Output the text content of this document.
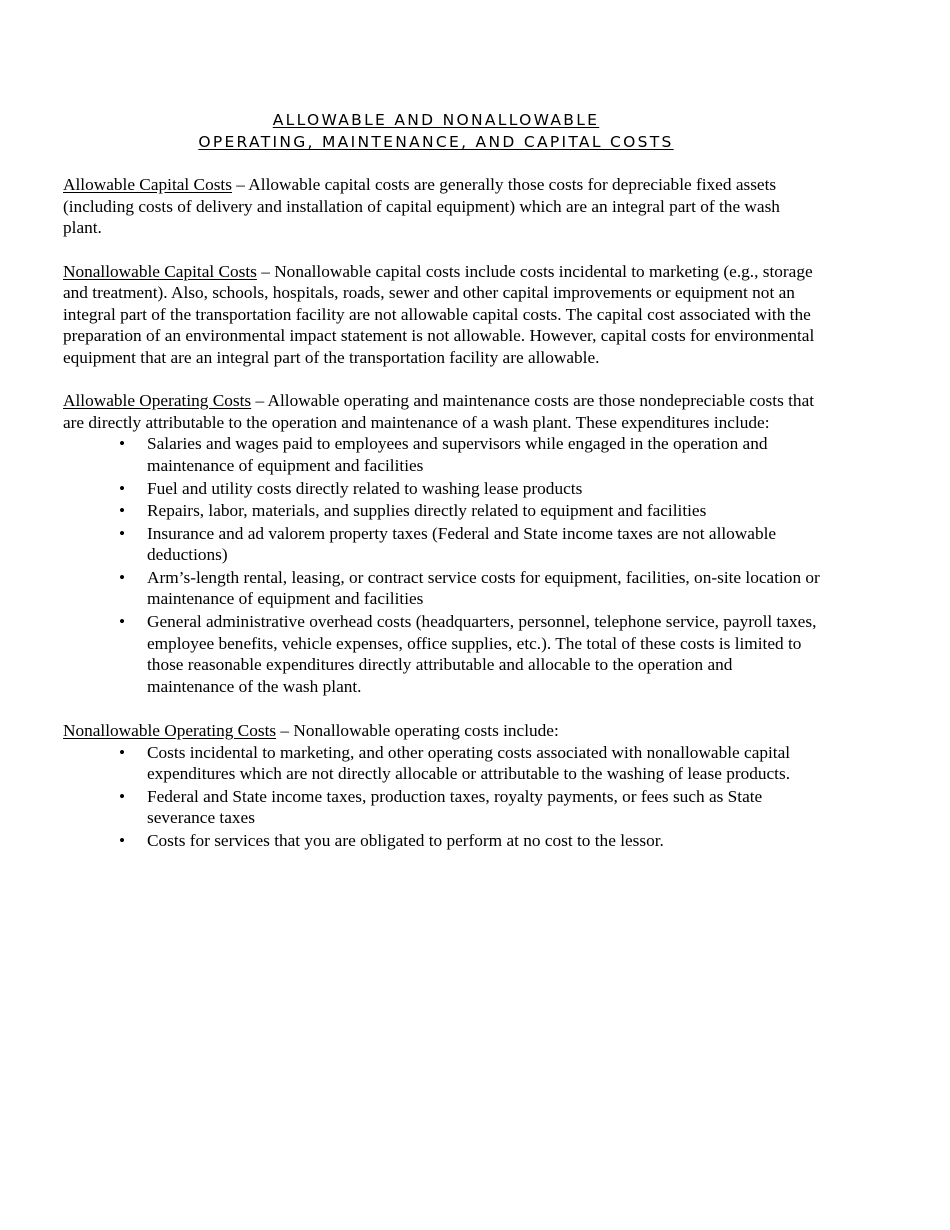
ALLOWABLE AND NONALLOWABLE
OPERATING, MAINTENANCE, AND CAPITAL COSTS

Allowable Capital Costs – Allowable capital costs are generally those costs for depreciable fixed assets (including costs of delivery and installation of capital equipment) which are an integral part of the wash plant.

Nonallowable Capital Costs – Nonallowable capital costs include costs incidental to marketing (e.g., storage and treatment). Also, schools, hospitals, roads, sewer and other capital improvements or equipment not an integral part of the transportation facility are not allowable capital costs. The capital cost associated with the preparation of an environmental impact statement is not allowable. However, capital costs for environmental equipment that are an integral part of the transportation facility are allowable.

Allowable Operating Costs – Allowable operating and maintenance costs are those nondepreciable costs that are directly attributable to the operation and maintenance of a wash plant. These expenditures include:

• Salaries and wages paid to employees and supervisors while engaged in the operation and maintenance of equipment and facilities
• Fuel and utility costs directly related to washing lease products
• Repairs, labor, materials, and supplies directly related to equipment and facilities
• Insurance and ad valorem property taxes (Federal and State income taxes are not allowable deductions)
• Arm’s-length rental, leasing, or contract service costs for equipment, facilities, on-site location or maintenance of equipment and facilities
• General administrative overhead costs (headquarters, personnel, telephone service, payroll taxes, employee benefits, vehicle expenses, office supplies, etc.). The total of these costs is limited to those reasonable expenditures directly attributable and allocable to the operation and maintenance of the wash plant.

Nonallowable Operating Costs – Nonallowable operating costs include:

• Costs incidental to marketing, and other operating costs associated with nonallowable capital expenditures which are not directly allocable or attributable to the washing of lease products.
• Federal and State income taxes, production taxes, royalty payments, or fees such as State severance taxes
• Costs for services that you are obligated to perform at no cost to the lessor.
